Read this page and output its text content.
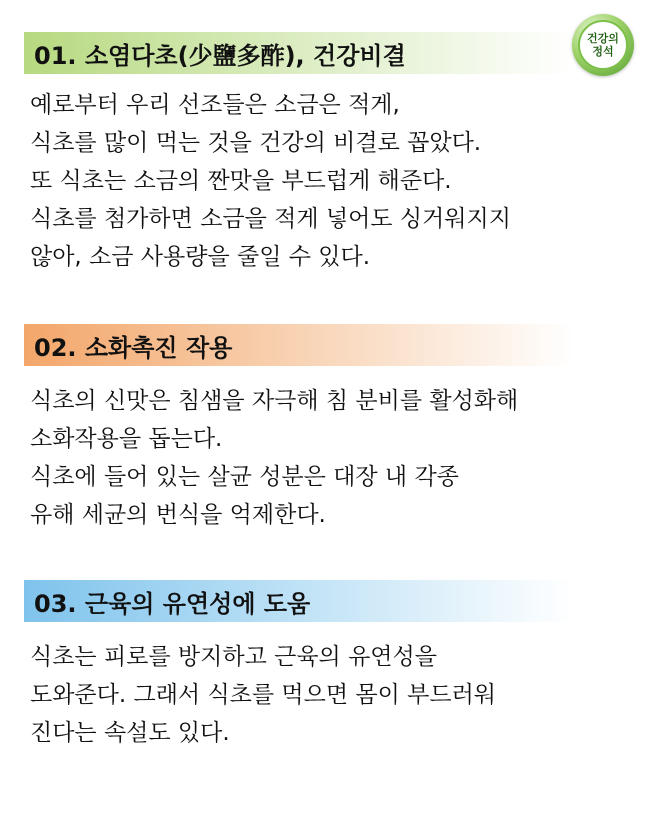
건강의
정석
01. 소염다초(少鹽多酢), 건강비결
예로부터 우리 선조들은 소금은 적게,
식초를 많이 먹는 것을 건강의 비결로 꼽았다.
또 식초는 소금의 짠맛을 부드럽게 해준다.
식초를 첨가하면 소금을 적게 넣어도 싱거워지지
않아, 소금 사용량을 줄일 수 있다.
02. 소화촉진 작용
식초의 신맛은 침샘을 자극해 침 분비를 활성화해
소화작용을 돕는다.
식초에 들어 있는 살균 성분은 대장 내 각종
유해 세균의 번식을 억제한다.
03. 근육의 유연성에 도움
식초는 피로를 방지하고 근육의 유연성을
도와준다. 그래서 식초를 먹으면 몸이 부드러워
진다는 속설도 있다.
